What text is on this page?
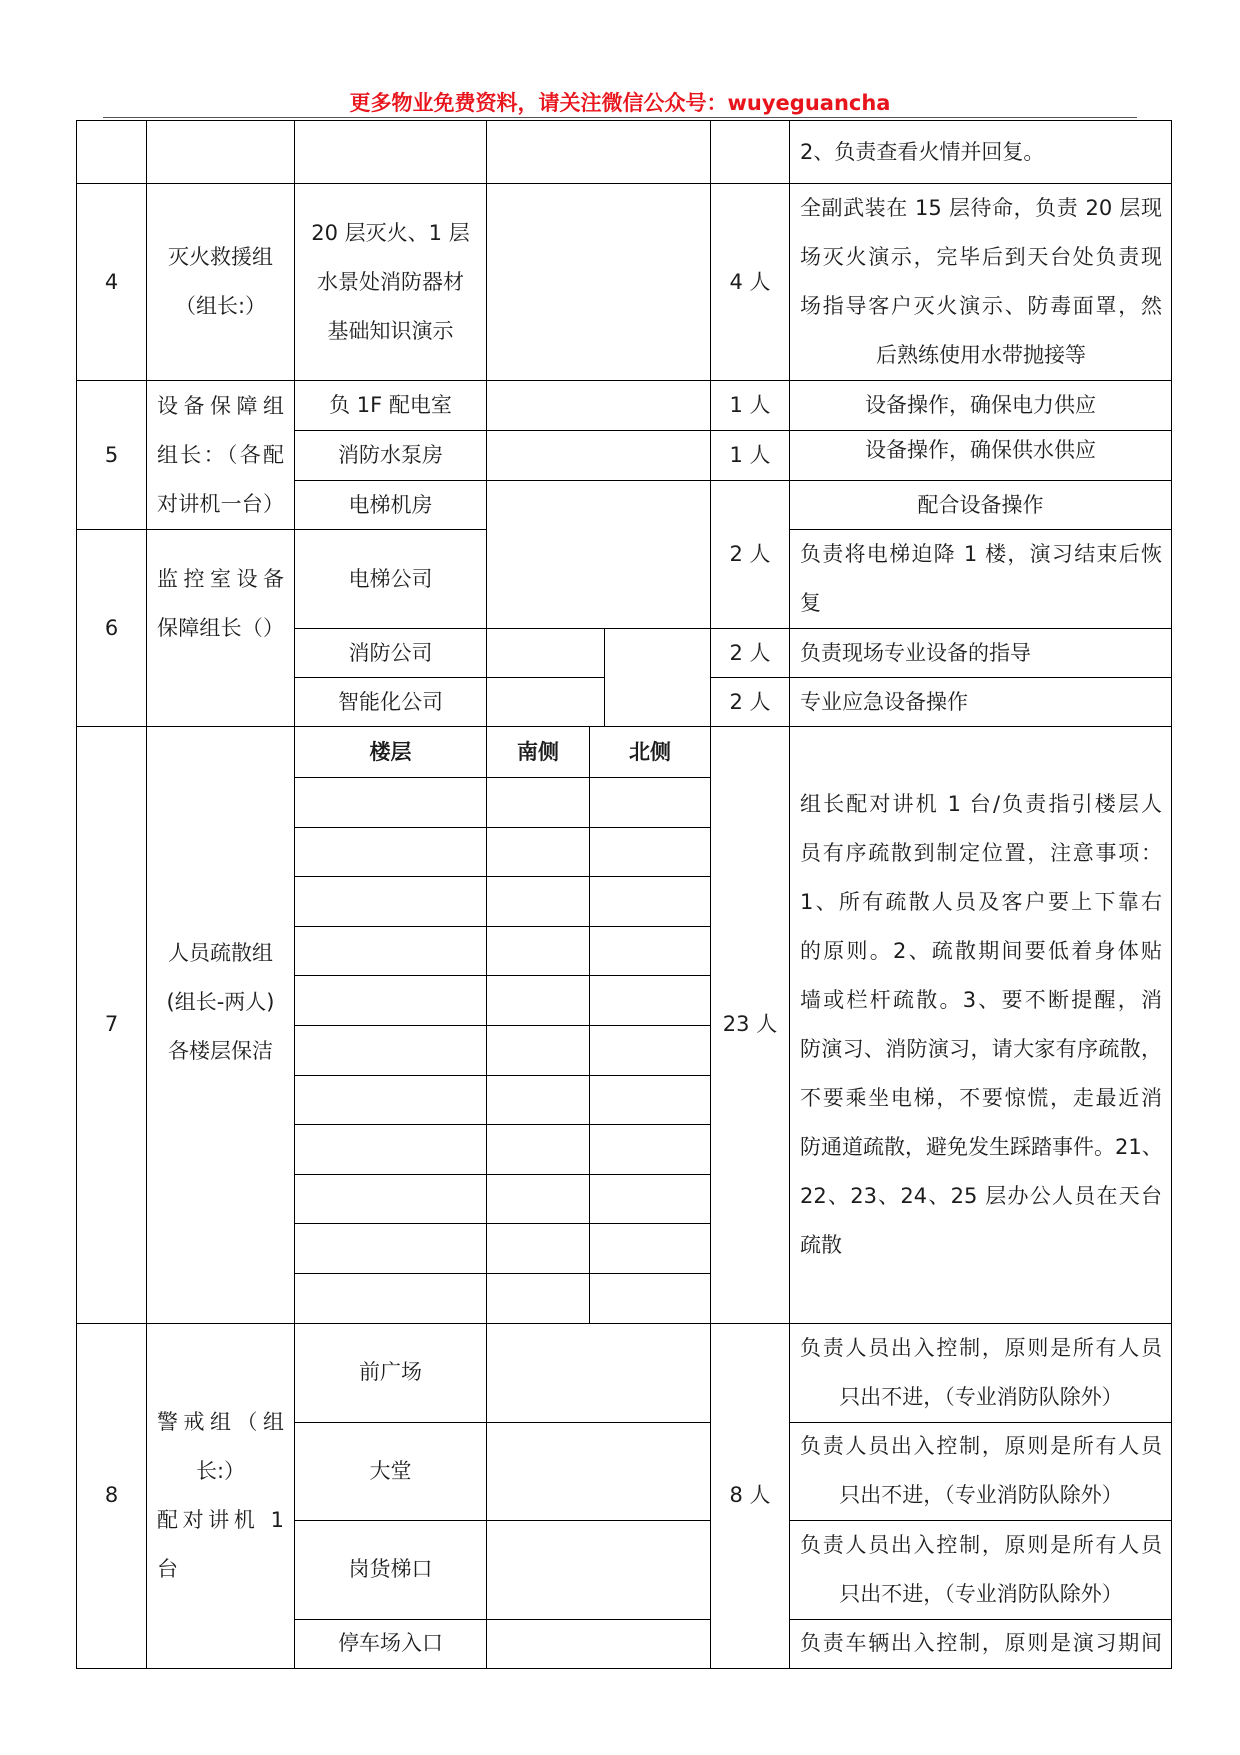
更多物业免费资料，请关注微信公众号：wuyeguancha
2、负责查看火情并回复。
4
灭火救援组
（组长:）
20 层灭火、1 层
水景处消防器材
基础知识演示
4 人
全副武装在 15 层待命，负责 20 层现
场灭火演示，完毕后到天台处负责现
场指导客户灭火演示、防毒面罩，然
后熟练使用水带抛接等
5
设备保障组
组长：（各配
对讲机一台）
负 1F 配电室
消防水泵房
电梯机房
1 人
1 人
2 人
设备操作，确保电力供应
设备操作，确保供水供应
配合设备操作
6
监控室设备
保障组长（）
电梯公司
消防公司
智能化公司
2 人
2 人
负责将电梯迫降 1 楼，演习结束后恢
复
负责现场专业设备的指导
专业应急设备操作
7
人员疏散组
(组长-两人)
各楼层保洁
楼层	南侧	北侧
23 人
组长配对讲机 1 台/负责指引楼层人
员有序疏散到制定位置，注意事项：
1、所有疏散人员及客户要上下靠右
的原则。2、疏散期间要低着身体贴
墙或栏杆疏散。3、要不断提醒，消
防演习、消防演习，请大家有序疏散，
不要乘坐电梯，不要惊慌，走最近消
防通道疏散，避免发生踩踏事件。21、
22、23、24、25 层办公人员在天台
疏散
8
警戒组（组
长:）
配对讲机 1
台
前广场
大堂
岗货梯口
停车场入口
8 人
负责人员出入控制，原则是所有人员
只出不进，（专业消防队除外）
负责人员出入控制，原则是所有人员
只出不进，（专业消防队除外）
负责人员出入控制，原则是所有人员
只出不进，（专业消防队除外）
负责车辆出入控制，原则是演习期间
